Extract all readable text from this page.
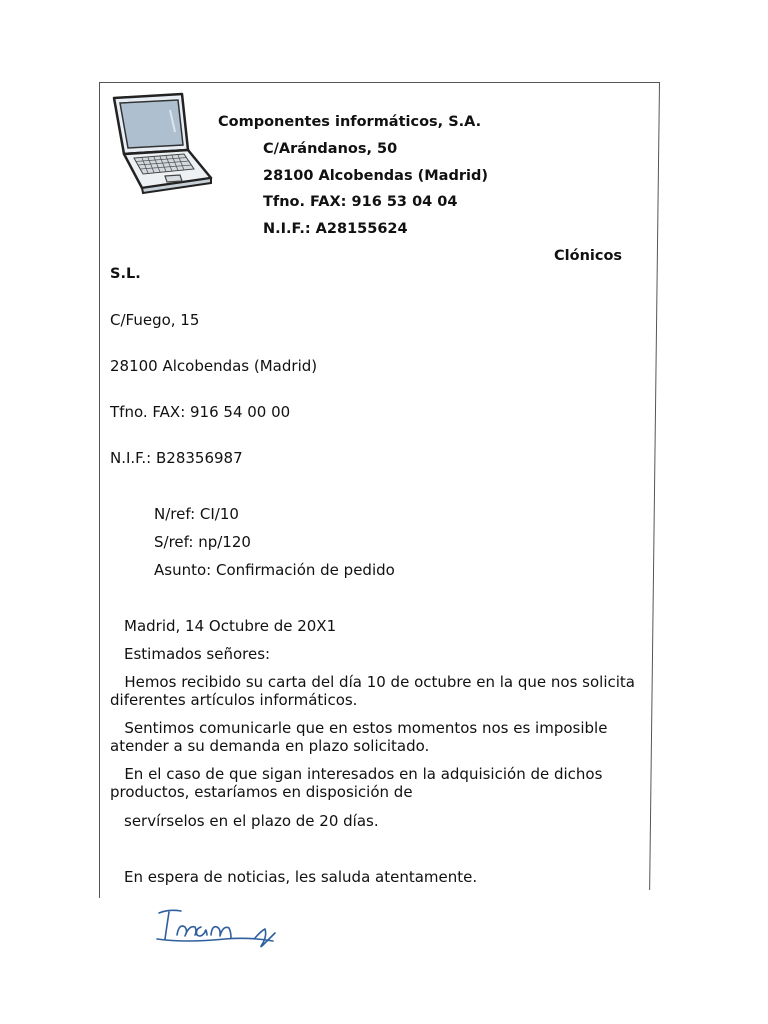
Componentes informáticos, S.A.
C/Arándanos, 50
28100 Alcobendas (Madrid)
Tfno. FAX: 916 53 04 04
N.I.F.: A28155624
Clónicos
S.L.
C/Fuego, 15
28100 Alcobendas (Madrid)
Tfno. FAX: 916 54 00 00
N.I.F.: B28356987
N/ref: CI/10
S/ref: np/120
Asunto: Confirmación de pedido
Madrid, 14 Octubre de 20X1
Estimados señores:
Hemos recibido su carta del día 10 de octubre en la que nos solicita diferentes artículos informáticos.
Sentimos comunicarle que en estos momentos nos es imposible atender a su demanda en plazo solicitado.
En el caso de que sigan interesados en la adquisición de dichos productos, estaríamos en disposición de
servírselos en el plazo de 20 días.
En espera de noticias, les saluda atentamente.
